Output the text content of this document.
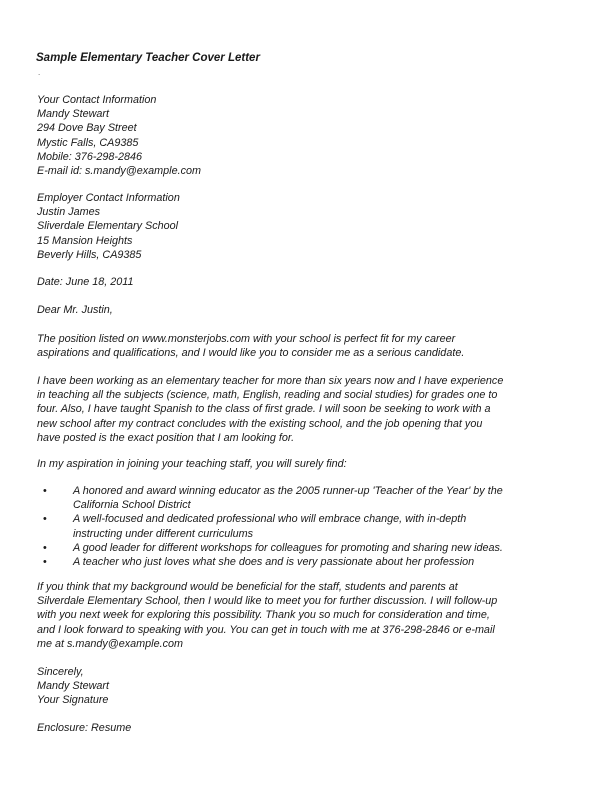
Sample Elementary Teacher Cover Letter
.
Your Contact Information
Mandy Stewart
294 Dove Bay Street
Mystic Falls, CA9385
Mobile: 376-298-2846
E-mail id: s.mandy@example.com
Employer Contact Information
Justin James
Sliverdale Elementary School
15 Mansion Heights
Beverly Hills, CA9385
Date: June 18, 2011
Dear Mr. Justin,
The position listed on www.monsterjobs.com with your school is perfect fit for my career
aspirations and qualifications, and I would like you to consider me as a serious candidate.
I have been working as an elementary teacher for more than six years now and I have experience
in teaching all the subjects (science, math, English, reading and social studies) for grades one to
four. Also, I have taught Spanish to the class of first grade. I will soon be seeking to work with a
new school after my contract concludes with the existing school, and the job opening that you
have posted is the exact position that I am looking for.
In my aspiration in joining your teaching staff, you will surely find:
• A honored and award winning educator as the 2005 runner-up 'Teacher of the Year' by the
California School District
• A well-focused and dedicated professional who will embrace change, with in-depth
instructing under different curriculums
• A good leader for different workshops for colleagues for promoting and sharing new ideas.
• A teacher who just loves what she does and is very passionate about her profession
If you think that my background would be beneficial for the staff, students and parents at
Silverdale Elementary School, then I would like to meet you for further discussion. I will follow-up
with you next week for exploring this possibility. Thank you so much for consideration and time,
and I look forward to speaking with you. You can get in touch with me at 376-298-2846 or e-mail
me at s.mandy@example.com
Sincerely,
Mandy Stewart
Your Signature
Enclosure: Resume
